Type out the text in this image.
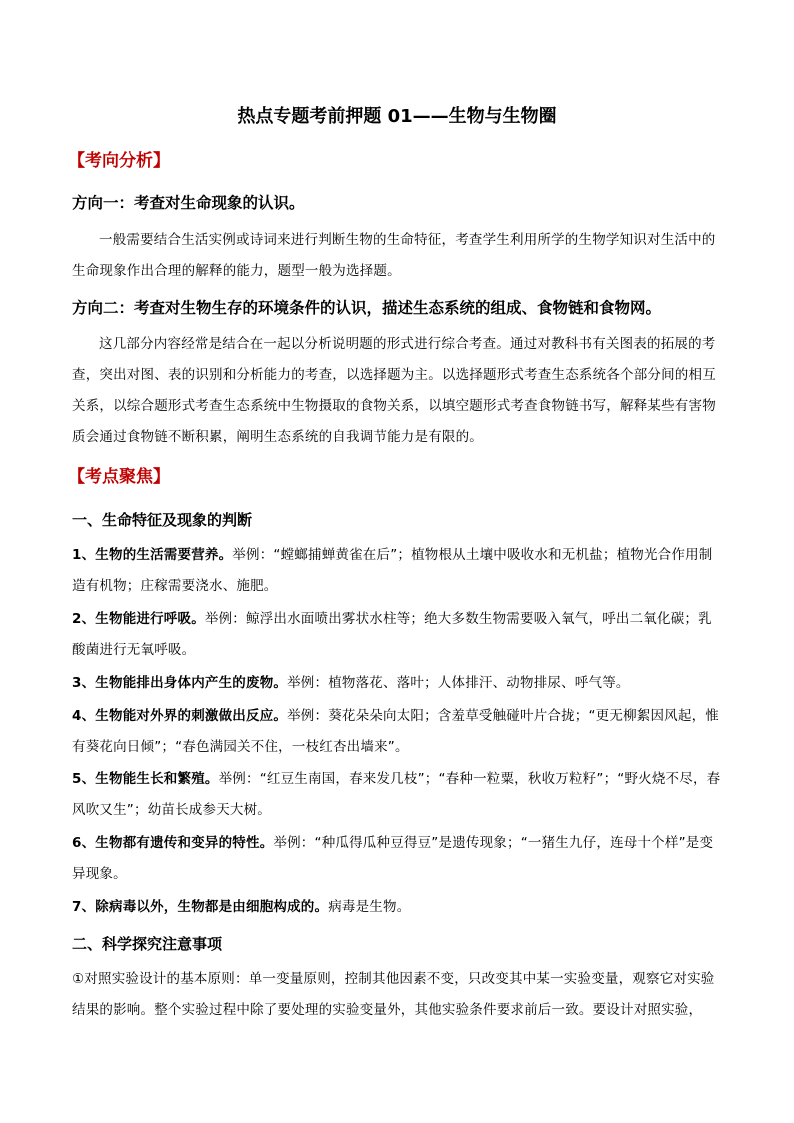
热点专题考前押题 01——生物与生物圈
【考向分析】
方向一：考查对生命现象的认识。
一般需要结合生活实例或诗词来进行判断生物的生命特征，考查学生利用所学的生物学知识对生活中的生命现象作出合理的解释的能力，题型一般为选择题。
方向二：考查对生物生存的环境条件的认识，描述生态系统的组成、食物链和食物网。
这几部分内容经常是结合在一起以分析说明题的形式进行综合考查。通过对教科书有关图表的拓展的考查，突出对图、表的识别和分析能力的考查，以选择题为主。以选择题形式考查生态系统各个部分间的相互关系，以综合题形式考查生态系统中生物摄取的食物关系，以填空题形式考查食物链书写，解释某些有害物质会通过食物链不断积累，阐明生态系统的自我调节能力是有限的。
【考点聚焦】
一、生命特征及现象的判断
1、生物的生活需要营养。举例：“螳螂捕蝉黄雀在后”；植物根从土壤中吸收水和无机盐；植物光合作用制造有机物；庄稼需要浇水、施肥。
2、生物能进行呼吸。举例：鲸浮出水面喷出雾状水柱等；绝大多数生物需要吸入氧气，呼出二氧化碳；乳酸菌进行无氧呼吸。
3、生物能排出身体内产生的废物。举例：植物落花、落叶；人体排汗、动物排尿、呼气等。
4、生物能对外界的刺激做出反应。举例：葵花朵朵向太阳；含羞草受触碰叶片合拢；“更无柳絮因风起，惟有葵花向日倾”；“春色满园关不住，一枝红杏出墙来”。
5、生物能生长和繁殖。举例：“红豆生南国，春来发几枝”；“春种一粒粟，秋收万粒籽”；“野火烧不尽，春风吹又生”；幼苗长成参天大树。
6、生物都有遗传和变异的特性。举例：“种瓜得瓜种豆得豆”是遗传现象；“一猪生九仔，连母十个样”是变异现象。
7、除病毒以外，生物都是由细胞构成的。病毒是生物。
二、科学探究注意事项
①对照实验设计的基本原则：单一变量原则，控制其他因素不变，只改变其中某一实验变量，观察它对实验结果的影响。整个实验过程中除了要处理的实验变量外，其他实验条件要求前后一致。要设计对照实验，
